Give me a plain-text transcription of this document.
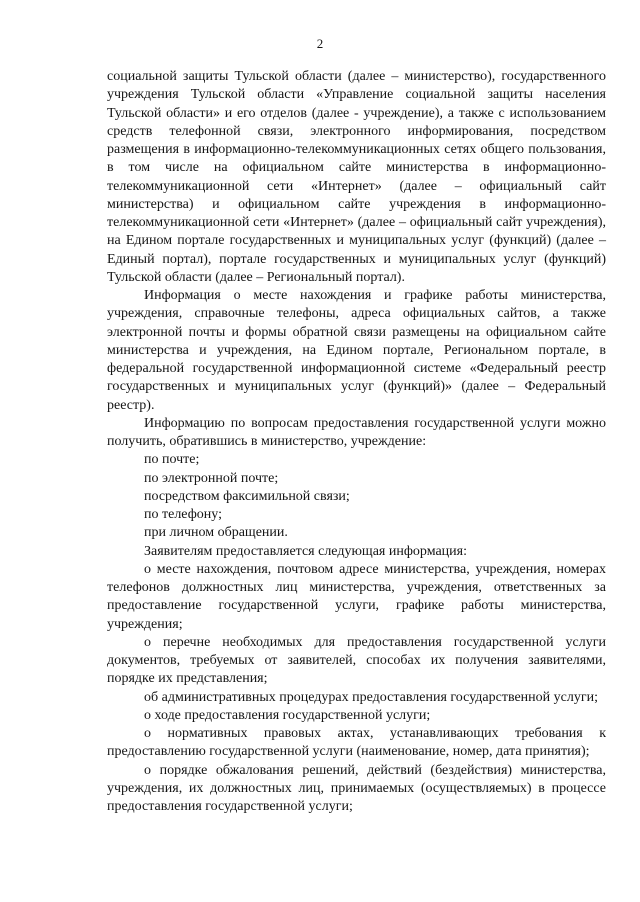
2

социальной защиты Тульской области (далее – министерство), государственного учреждения Тульской области «Управление социальной защиты населения Тульской области» и его отделов (далее - учреждение), а также с использованием средств телефонной связи, электронного информирования, посредством размещения в информационно-телекоммуникационных сетях общего пользования, в том числе на официальном сайте министерства в информационно-телекоммуникационной сети «Интернет» (далее – официальный сайт министерства) и официальном сайте учреждения в информационно-телекоммуникационной сети «Интернет» (далее – официальный сайт учреждения), на Едином портале государственных и муниципальных услуг (функций) (далее – Единый портал), портале государственных и муниципальных услуг (функций) Тульской области (далее – Региональный портал).

Информация о месте нахождения и графике работы министерства, учреждения, справочные телефоны, адреса официальных сайтов, а также электронной почты и формы обратной связи размещены на официальном сайте министерства и учреждения, на Едином портале, Региональном портале, в федеральной государственной информационной системе «Федеральный реестр государственных и муниципальных услуг (функций)» (далее – Федеральный реестр).

Информацию по вопросам предоставления государственной услуги можно получить, обратившись в министерство, учреждение:

по почте;

по электронной почте;

посредством факсимильной связи;

по телефону;

при личном обращении.

Заявителям предоставляется следующая информация:

о месте нахождения, почтовом адресе министерства, учреждения, номерах телефонов должностных лиц министерства, учреждения, ответственных за предоставление государственной услуги, графике работы министерства, учреждения;

о перечне необходимых для предоставления государственной услуги документов, требуемых от заявителей, способах их получения заявителями, порядке их представления;

об административных процедурах предоставления государственной услуги;

о ходе предоставления государственной услуги;

о нормативных правовых актах, устанавливающих требования к предоставлению государственной услуги (наименование, номер, дата принятия);

о порядке обжалования решений, действий (бездействия) министерства, учреждения, их должностных лиц, принимаемых (осуществляемых) в процессе предоставления государственной услуги;
